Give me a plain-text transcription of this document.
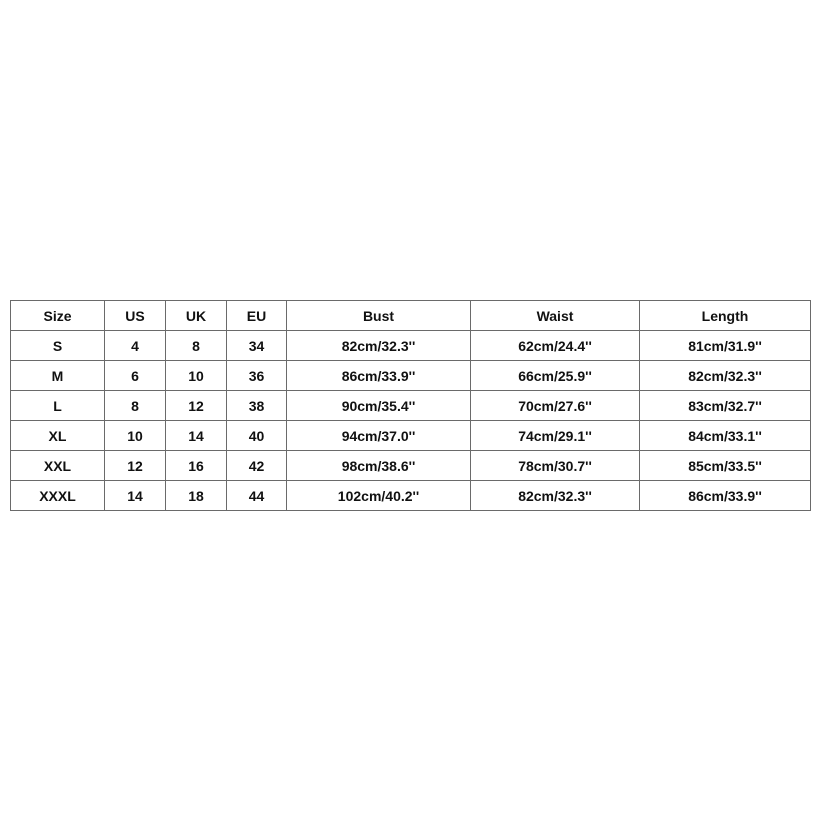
Size	US	UK	EU	Bust	Waist	Length
S	4	8	34	82cm/32.3''	62cm/24.4''	81cm/31.9''
M	6	10	36	86cm/33.9''	66cm/25.9''	82cm/32.3''
L	8	12	38	90cm/35.4''	70cm/27.6''	83cm/32.7''
XL	10	14	40	94cm/37.0''	74cm/29.1''	84cm/33.1''
XXL	12	16	42	98cm/38.6''	78cm/30.7''	85cm/33.5''
XXXL	14	18	44	102cm/40.2''	82cm/32.3''	86cm/33.9''
